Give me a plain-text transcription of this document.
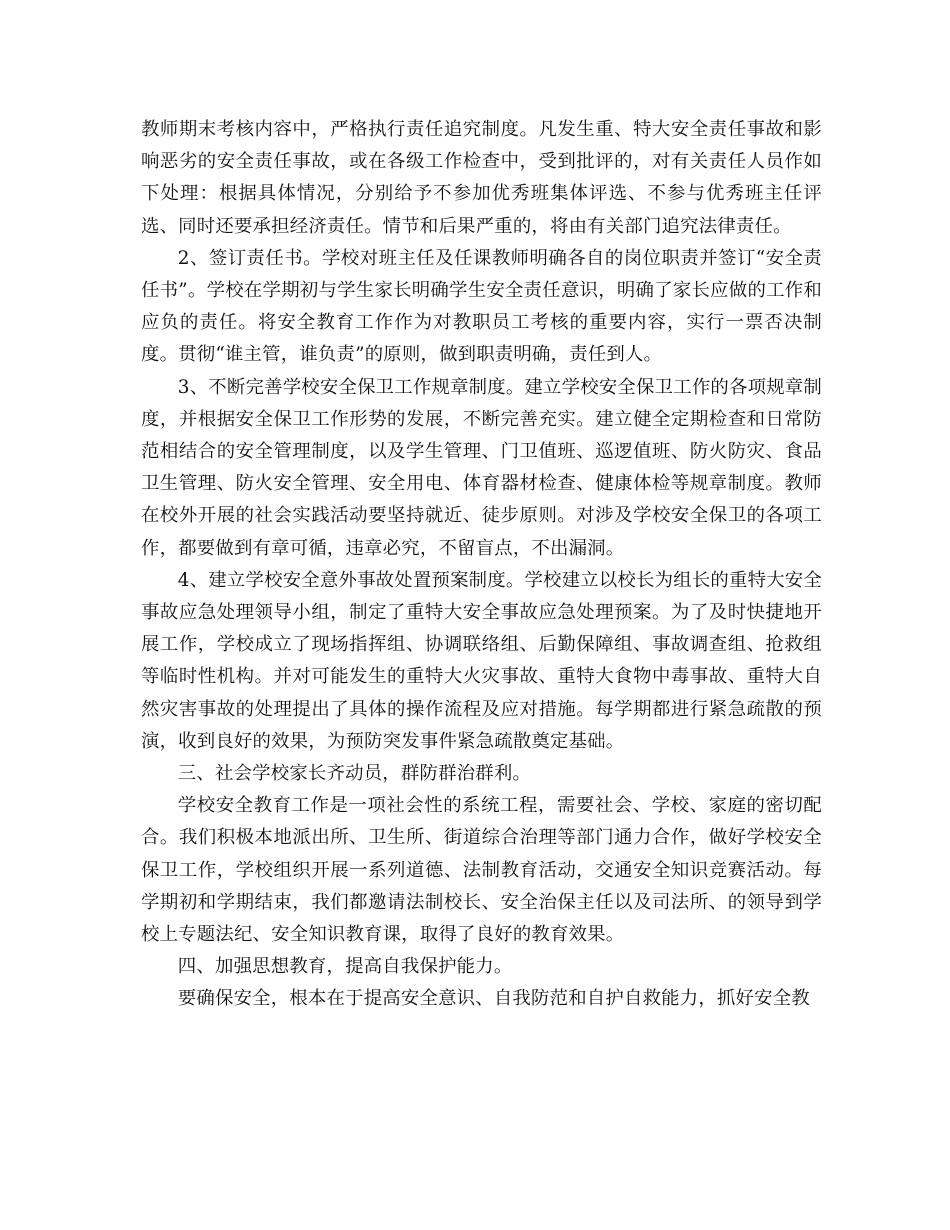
教师期末考核内容中，严格执行责任追究制度。凡发生重、特大安全责任事故和影响恶劣的安全责任事故，或在各级工作检查中，受到批评的，对有关责任人员作如下处理：根据具体情况，分别给予不参加优秀班集体评选、不参与优秀班主任评选、同时还要承担经济责任。情节和后果严重的，将由有关部门追究法律责任。

2、签订责任书。学校对班主任及任课教师明确各自的岗位职责并签订“安全责任书”。学校在学期初与学生家长明确学生安全责任意识，明确了家长应做的工作和应负的责任。将安全教育工作作为对教职员工考核的重要内容，实行一票否决制度。贯彻“谁主管，谁负责”的原则，做到职责明确，责任到人。

3、不断完善学校安全保卫工作规章制度。建立学校安全保卫工作的各项规章制度，并根据安全保卫工作形势的发展，不断完善充实。建立健全定期检查和日常防范相结合的安全管理制度，以及学生管理、门卫值班、巡逻值班、防火防灾、食品卫生管理、防火安全管理、安全用电、体育器材检查、健康体检等规章制度。教师在校外开展的社会实践活动要坚持就近、徒步原则。对涉及学校安全保卫的各项工作，都要做到有章可循，违章必究，不留盲点，不出漏洞。

4、建立学校安全意外事故处置预案制度。学校建立以校长为组长的重特大安全事故应急处理领导小组，制定了重特大安全事故应急处理预案。为了及时快捷地开展工作，学校成立了现场指挥组、协调联络组、后勤保障组、事故调查组、抢救组等临时性机构。并对可能发生的重特大火灾事故、重特大食物中毒事故、重特大自然灾害事故的处理提出了具体的操作流程及应对措施。每学期都进行紧急疏散的预演，收到良好的效果，为预防突发事件紧急疏散奠定基础。

三、社会学校家长齐动员，群防群治群利。

学校安全教育工作是一项社会性的系统工程，需要社会、学校、家庭的密切配合。我们积极本地派出所、卫生所、街道综合治理等部门通力合作，做好学校安全保卫工作，学校组织开展一系列道德、法制教育活动，交通安全知识竞赛活动。每学期初和学期结束，我们都邀请法制校长、安全治保主任以及司法所、的领导到学校上专题法纪、安全知识教育课，取得了良好的教育效果。

四、加强思想教育，提高自我保护能力。

要确保安全，根本在于提高安全意识、自我防范和自护自救能力，抓好安全教
